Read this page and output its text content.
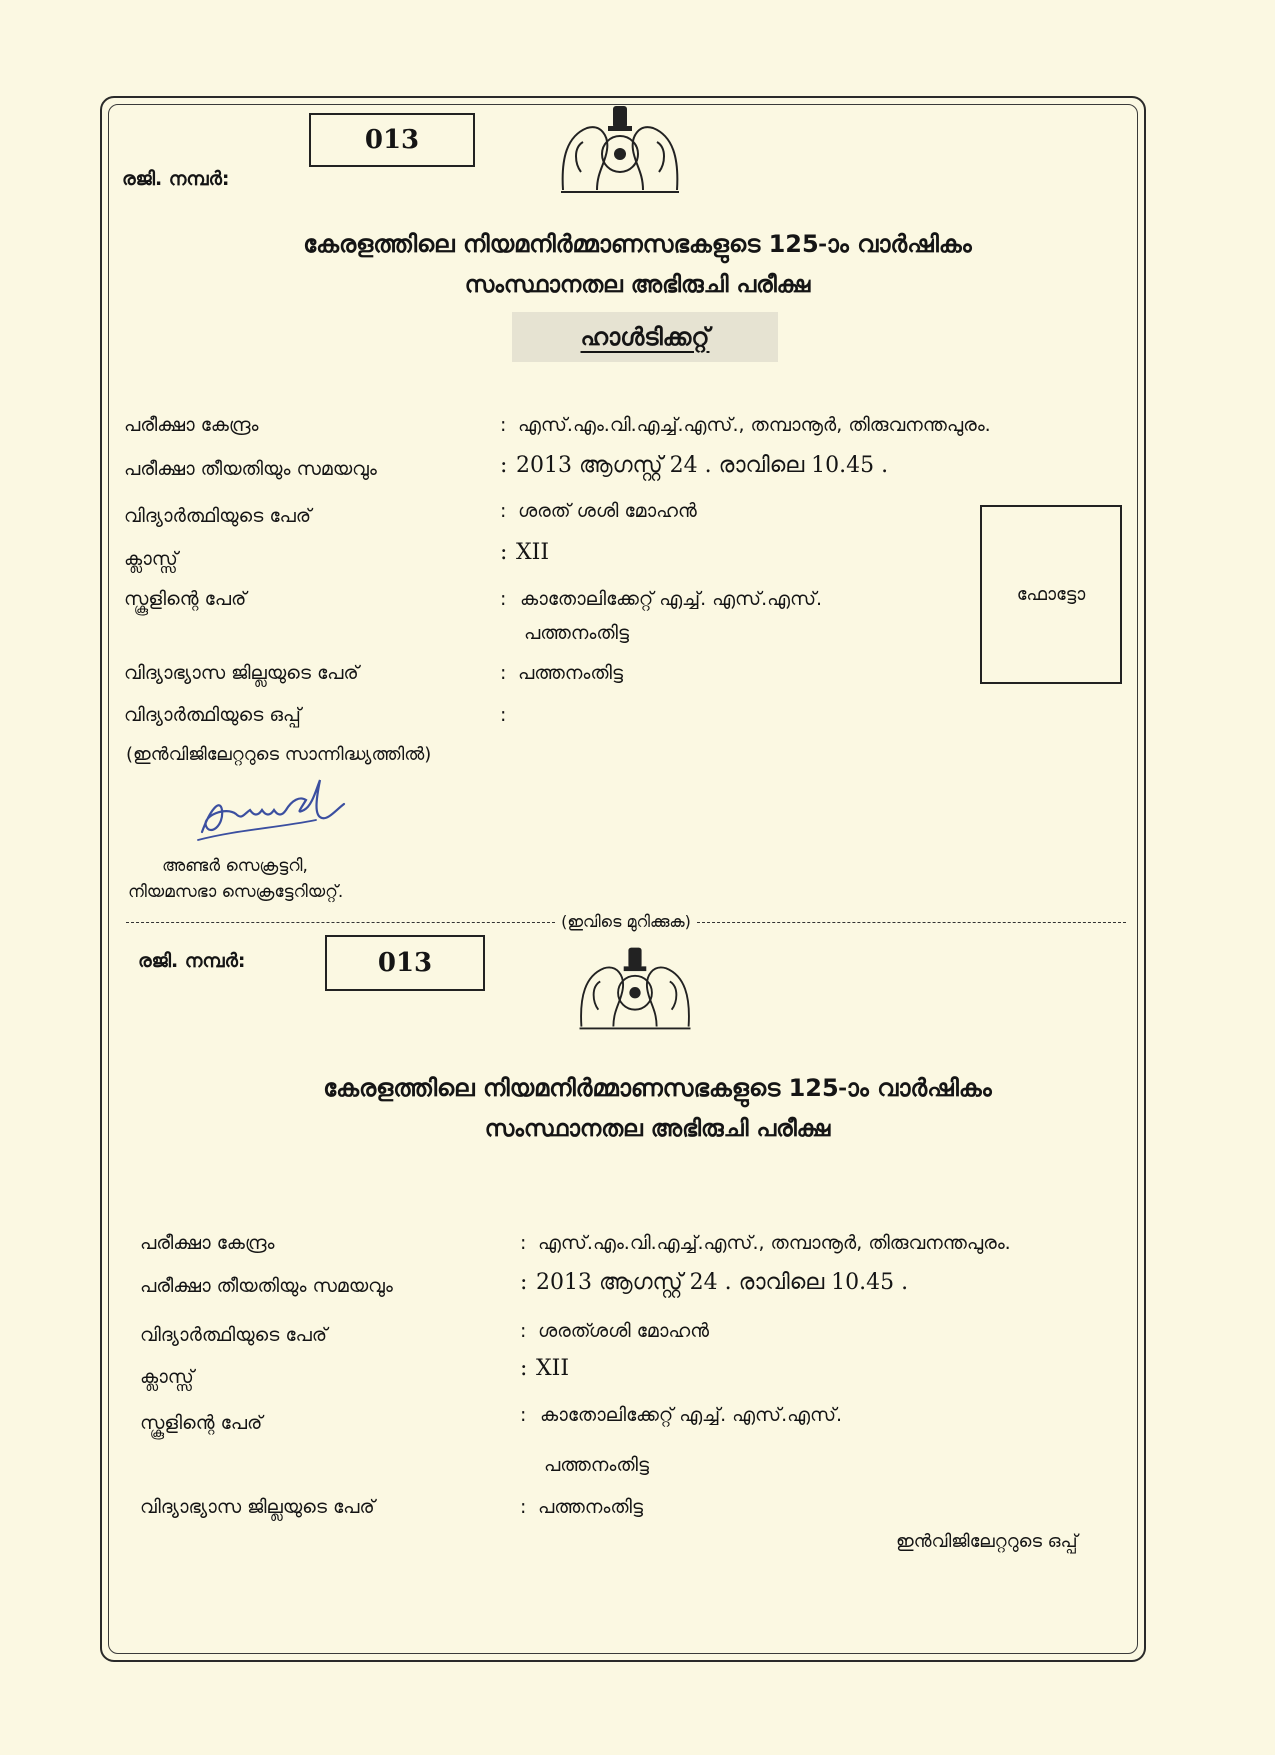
013
രജി. നമ്പർ:
കേരളത്തിലെ നിയമനിർമ്മാണസഭകളുടെ 125-ാം വാർഷികം
സംസ്ഥാനതല അഭിരുചി പരീക്ഷ
ഹാൾടിക്കറ്റ്
പരീക്ഷാ കേന്ദ്രം	: എസ്.എം.വി.എച്ച്.എസ്., തമ്പാനൂർ, തിരുവനന്തപുരം.
പരീക്ഷാ തീയതിയും സമയവും	: 2013 ആഗസ്റ്റ് 24 . രാവിലെ 10.45 .
വിദ്യാർത്ഥിയുടെ പേര്	: ശരത് ശശി മോഹൻ
ക്ലാസ്സ്	: XII
സ്കൂളിന്റെ പേര്	: കാതോലിക്കേറ്റ് എച്ച്. എസ്.എസ്.
പത്തനംതിട്ട
വിദ്യാഭ്യാസ ജില്ലയുടെ പേര്	: പത്തനംതിട്ട
വിദ്യാർത്ഥിയുടെ ഒപ്പ്	:
(ഇൻവിജിലേറ്ററുടെ സാന്നിദ്ധ്യത്തിൽ)
ഫോട്ടോ
അണ്ടർ സെക്രട്ടറി,
നിയമസഭാ സെക്രട്ടേറിയറ്റ്.
(ഇവിടെ മുറിക്കുക)
രജി. നമ്പർ:	013
കേരളത്തിലെ നിയമനിർമ്മാണസഭകളുടെ 125-ാം വാർഷികം
സംസ്ഥാനതല അഭിരുചി പരീക്ഷ
പരീക്ഷാ കേന്ദ്രം	: എസ്.എം.വി.എച്ച്.എസ്., തമ്പാനൂർ, തിരുവനന്തപുരം.
പരീക്ഷാ തീയതിയും സമയവും	: 2013 ആഗസ്റ്റ് 24 . രാവിലെ 10.45 .
വിദ്യാർത്ഥിയുടെ പേര്	: ശരത്ശശി മോഹൻ
ക്ലാസ്സ്	: XII
സ്കൂളിന്റെ പേര്	: കാതോലിക്കേറ്റ് എച്ച്. എസ്.എസ്.
പത്തനംതിട്ട
വിദ്യാഭ്യാസ ജില്ലയുടെ പേര്	: പത്തനംതിട്ട
ഇൻവിജിലേറ്ററുടെ ഒപ്പ്
